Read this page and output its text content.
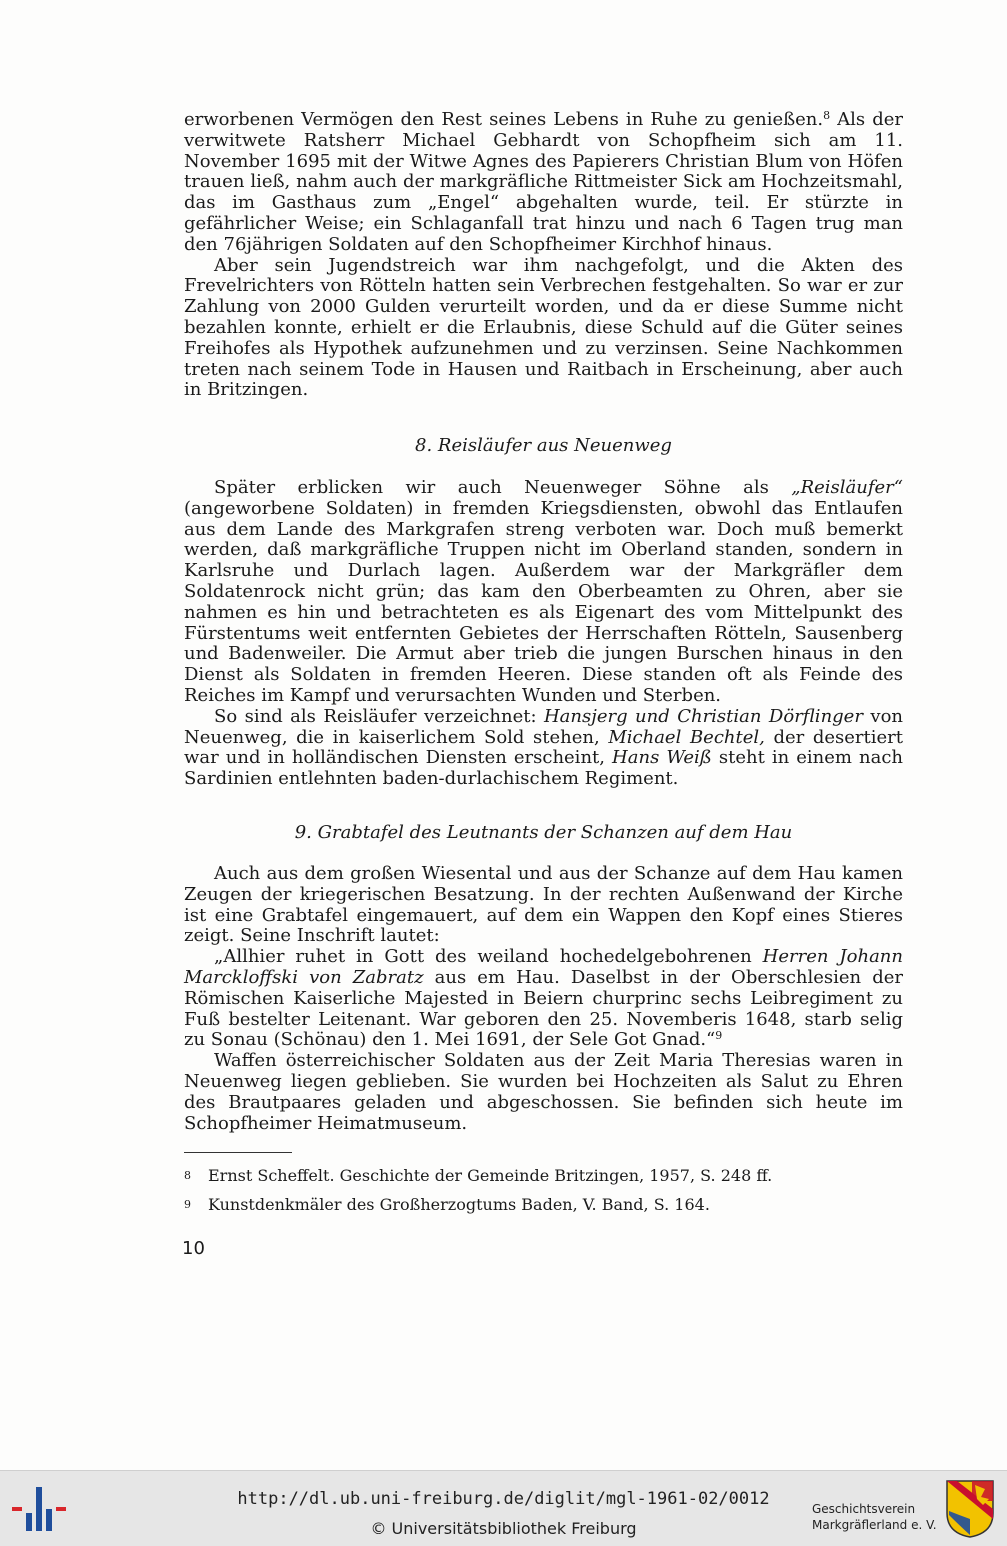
erworbenen Vermögen den Rest seines Lebens in Ruhe zu genießen.$^8$ Als der verwitwete Ratsherr Michael Gebhardt von Schopfheim sich am 11. November 1695 mit der Witwe Agnes des Papierers Christian Blum von Höfen trauen ließ, nahm auch der markgräfliche Rittmeister Sick am Hochzeitsmahl, das im Gasthaus zum „Engel“ abgehalten wurde, teil. Er stürzte in gefährlicher Weise; ein Schlaganfall trat hinzu und nach 6 Tagen trug man den 76jährigen Soldaten auf den Schopfheimer Kirchhof hinaus.

Aber sein Jugendstreich war ihm nachgefolgt, und die Akten des Frevelrichters von Rötteln hatten sein Verbrechen festgehalten. So war er zur Zahlung von 2000 Gulden verurteilt worden, und da er diese Summe nicht bezahlen konnte, erhielt er die Erlaubnis, diese Schuld auf die Güter seines Freihofes als Hypothek aufzunehmen und zu verzinsen. Seine Nachkommen treten nach seinem Tode in Hausen und Raitbach in Erscheinung, aber auch in Britzingen.

8. Reisläufer aus Neuenweg

Später erblicken wir auch Neuenweger Söhne als „Reisläufer“ (angeworbene Soldaten) in fremden Kriegsdiensten, obwohl das Entlaufen aus dem Lande des Markgrafen streng verboten war. Doch muß bemerkt werden, daß markgräfliche Truppen nicht im Oberland standen, sondern in Karlsruhe und Durlach lagen. Außerdem war der Markgräfler dem Soldatenrock nicht grün; das kam den Oberbeamten zu Ohren, aber sie nahmen es hin und betrachteten es als Eigenart des vom Mittelpunkt des Fürstentums weit entfernten Gebietes der Herrschaften Rötteln, Sausenberg und Badenweiler. Die Armut aber trieb die jungen Burschen hinaus in den Dienst als Soldaten in fremden Heeren. Diese standen oft als Feinde des Reiches im Kampf und verursachten Wunden und Sterben.

So sind als Reisläufer verzeichnet: Hansjerg und Christian Dörflinger von Neuenweg, die in kaiserlichem Sold stehen, Michael Bechtel, der desertiert war und in holländischen Diensten erscheint, Hans Weiß steht in einem nach Sardinien entlehnten baden-durlachischem Regiment.

9. Grabtafel des Leutnants der Schanzen auf dem Hau

Auch aus dem großen Wiesental und aus der Schanze auf dem Hau kamen Zeugen der kriegerischen Besatzung. In der rechten Außenwand der Kirche ist eine Grabtafel eingemauert, auf dem ein Wappen den Kopf eines Stieres zeigt. Seine Inschrift lautet:

„Allhier ruhet in Gott des weiland hochedelgebohrenen Herren Johann Marckloffski von Zabratz aus em Hau. Daselbst in der Oberschlesien der Römischen Kaiserliche Majested in Beiern churprinc sechs Leibregiment zu Fuß bestelter Leitenant. War geboren den 25. Novemberis 1648, starb selig zu Sonau (Schönau) den 1. Mei 1691, der Sele Got Gnad.“$^9$

Waffen österreichischer Soldaten aus der Zeit Maria Theresias waren in Neuenweg liegen geblieben. Sie wurden bei Hochzeiten als Salut zu Ehren des Brautpaares geladen und abgeschossen. Sie befinden sich heute im Schopfheimer Heimatmuseum.

8 Ernst Scheffelt. Geschichte der Gemeinde Britzingen, 1957, S. 248 ff.
9 Kunstdenkmäler des Großherzogtums Baden, V. Band, S. 164.
10
http://dl.ub.uni-freiburg.de/diglit/mgl-1961-02/0012
© Universitätsbibliothek Freiburg
Geschichtsverein
Markgräflerland e. V.
